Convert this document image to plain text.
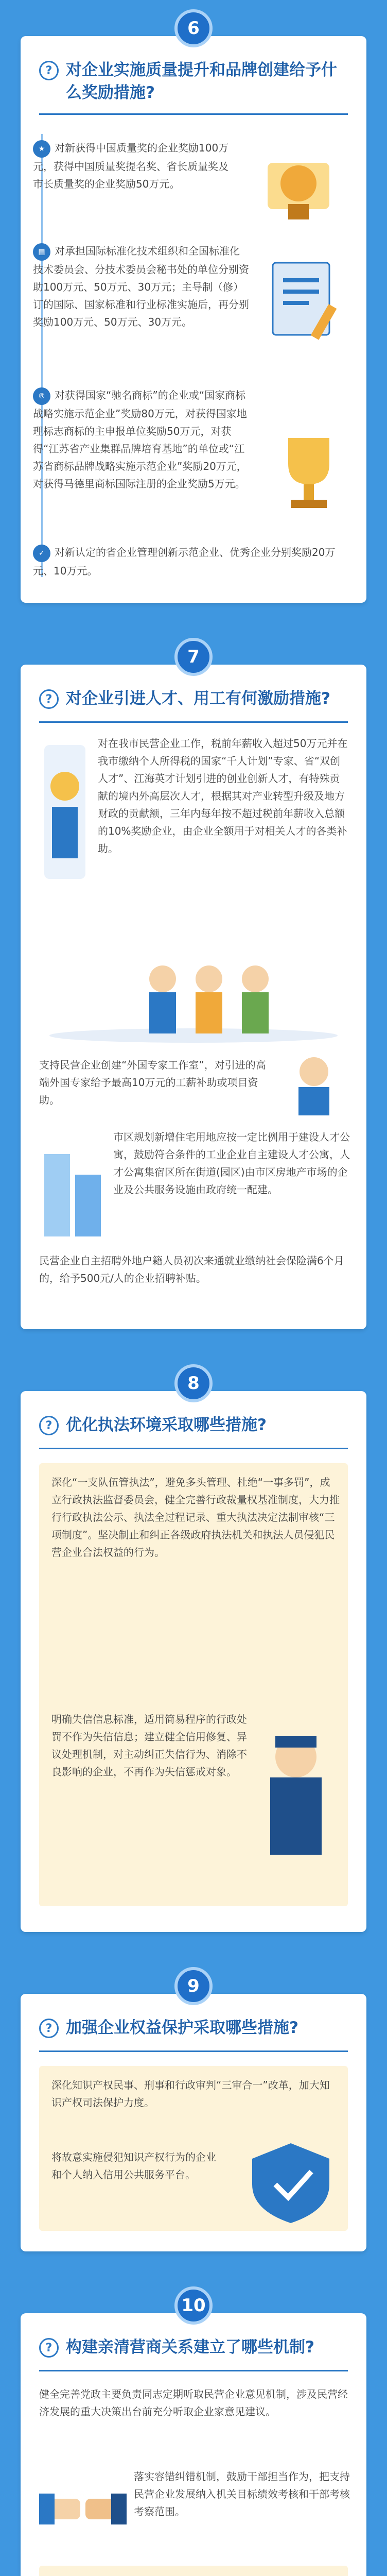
6
? 对企业实施质量提升和品牌创建给予什么奖励措施?
★ 对新获得中国质量奖的企业奖励100万元，获得中国质量奖提名奖、省长质量奖及市长质量奖的企业奖励50万元。
▤ 对承担国际标准化技术组织和全国标准化技术委员会、分技术委员会秘书处的单位分别资助100万元、50万元、30万元；主导制（修）订的国际、国家标准和行业标准实施后，再分别奖励100万元、50万元、30万元。
® 对获得国家“驰名商标”的企业或“国家商标战略实施示范企业”奖励80万元，对获得国家地理标志商标的主申报单位奖励50万元，对获得“江苏省产业集群品牌培育基地”的单位或“江苏省商标品牌战略实施示范企业”奖励20万元，对获得马德里商标国际注册的企业奖励5万元。
✓ 对新认定的省企业管理创新示范企业、优秀企业分别奖励20万元、10万元。
7
? 对企业引进人才、用工有何激励措施?
对在我市民营企业工作，税前年薪收入超过50万元并在我市缴纳个人所得税的国家“千人计划”专家、省“双创人才”、江海英才计划引进的创业创新人才，有特殊贡献的境内外高层次人才，根据其对产业转型升级及地方财政的贡献额，三年内每年按不超过税前年薪收入总额的10%奖励企业，由企业全额用于对相关人才的各类补助。
支持民营企业创建“外国专家工作室”，对引进的高端外国专家给予最高10万元的工薪补助或项目资助。
市区规划新增住宅用地应按一定比例用于建设人才公寓，鼓励符合条件的工业企业自主建设人才公寓，人才公寓集宿区所在街道(园区)由市区房地产市场的企业及公共服务设施由政府统一配建。
民营企业自主招聘外地户籍人员初次来通就业缴纳社会保险满6个月的，给予500元/人的企业招聘补贴。
8
? 优化执法环境采取哪些措施?
深化“一支队伍管执法”，避免多头管理、杜绝“一事多罚”，成立行政执法监督委员会，健全完善行政裁量权基准制度，大力推行行政执法公示、执法全过程记录、重大执法决定法制审核“三项制度”。坚决制止和纠正各级政府执法机关和执法人员侵犯民营企业合法权益的行为。
明确失信信息标准，适用简易程序的行政处罚不作为失信信息；建立健全信用修复、异议处理机制，对主动纠正失信行为、消除不良影响的企业，不再作为失信惩戒对象。
9
? 加强企业权益保护采取哪些措施?
深化知识产权民事、刑事和行政审判“三审合一”改革，加大知识产权司法保护力度。
将故意实施侵犯知识产权行为的企业和个人纳入信用公共服务平台。
10
? 构建亲清营商关系建立了哪些机制?
健全完善党政主要负责同志定期听取民营企业意见机制，涉及民营经济发展的重大决策出台前充分听取企业家意见建议。
落实容错纠错机制，鼓励干部担当作为，把支持民营企业发展纳入机关目标绩效考核和干部考核考察范围。
